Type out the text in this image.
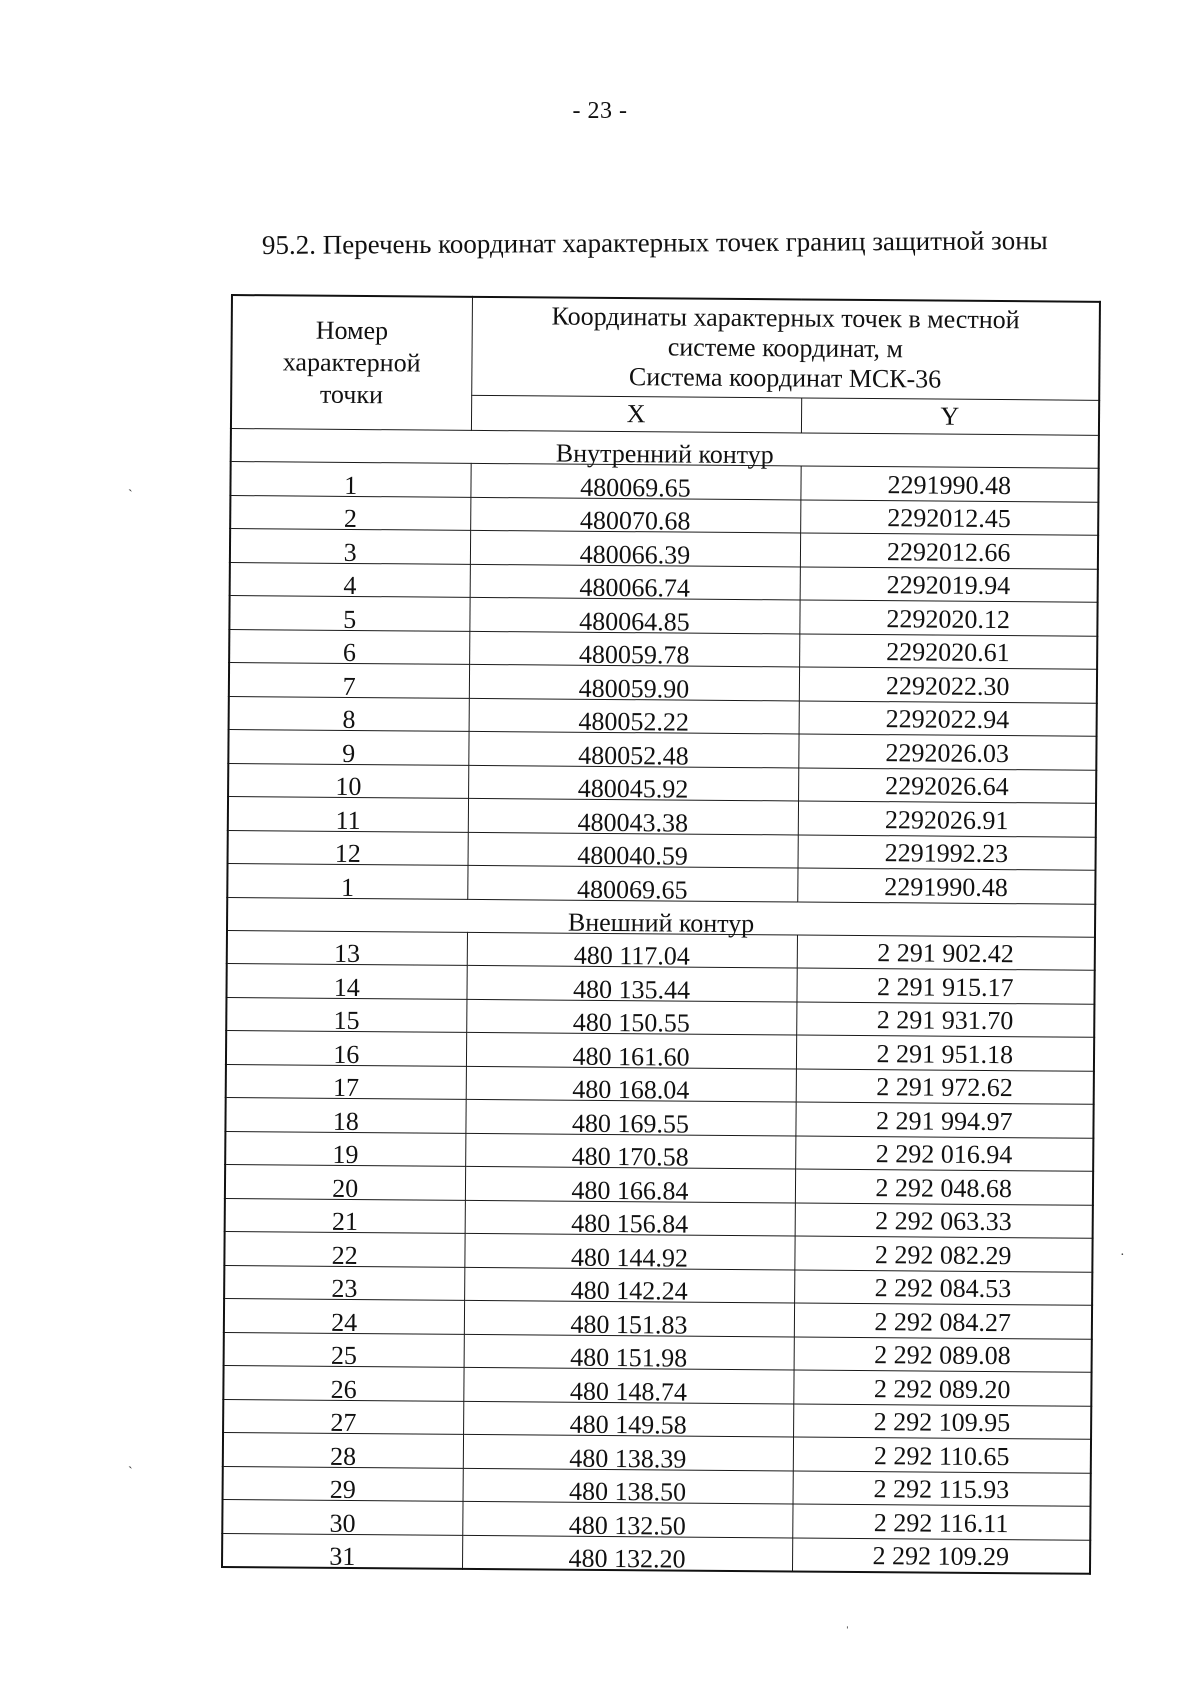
- 23 -
95.2. Перечень координат характерных точек границ защитной зоны
Номер
характерной
точки	Координаты характерных точек в местной
системе координат, м
Система координат МСК-36	

	X	Y
Внутренний контур		
1	480069.65	2291990.48
2	480070.68	2292012.45
3	480066.39	2292012.66
4	480066.74	2292019.94
5	480064.85	2292020.12
6	480059.78	2292020.61
7	480059.90	2292022.30
8	480052.22	2292022.94
9	480052.48	2292026.03
10	480045.92	2292026.64
11	480043.38	2292026.91
12	480040.59	2291992.23
1	480069.65	2291990.48
Внешний контур		
13	480 117.04	2 291 902.42
14	480 135.44	2 291 915.17
15	480 150.55	2 291 931.70
16	480 161.60	2 291 951.18
17	480 168.04	2 291 972.62
18	480 169.55	2 291 994.97
19	480 170.58	2 292 016.94
20	480 166.84	2 292 048.68
21	480 156.84	2 292 063.33
22	480 144.92	2 292 082.29
23	480 142.24	2 292 084.53
24	480 151.83	2 292 084.27
25	480 151.98	2 292 089.08
26	480 148.74	2 292 089.20
27	480 149.58	2 292 109.95
28	480 138.39	2 292 110.65
29	480 138.50	2 292 115.93
30	480 132.50	2 292 116.11
31	480 132.20	2 292 109.29
ˋ
ˋ
·
ˈ
